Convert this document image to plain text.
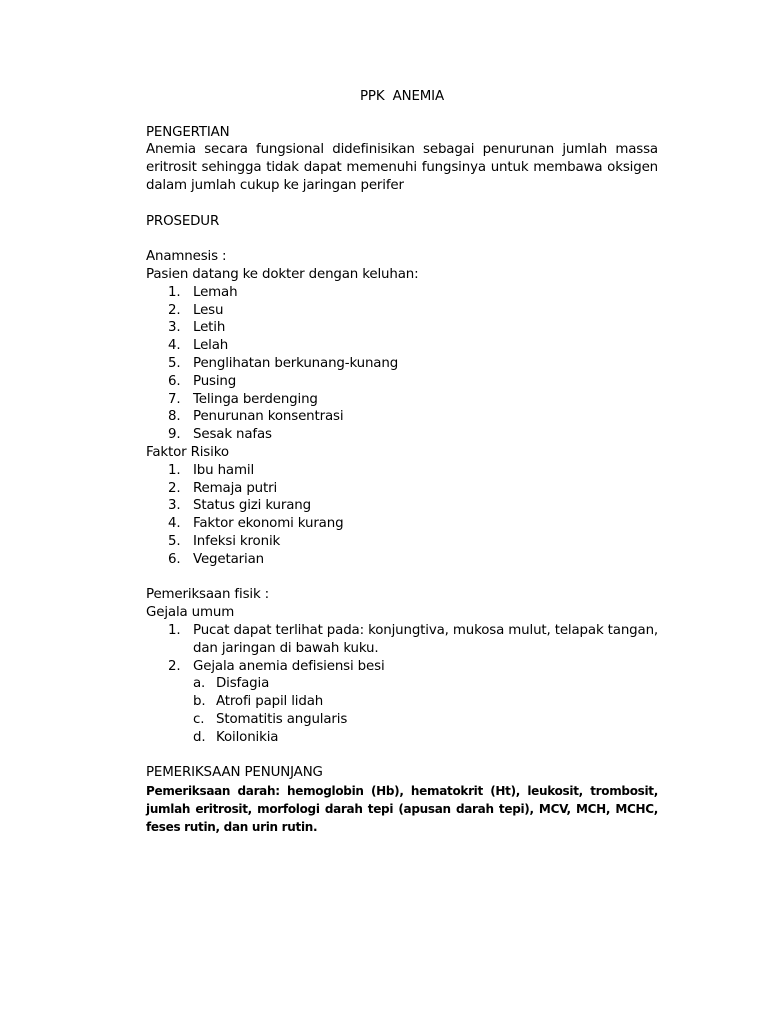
PPK ANEMIA

PENGERTIAN

Anemia secara fungsional didefinisikan sebagai penurunan jumlah massa eritrosit sehingga tidak dapat memenuhi fungsinya untuk membawa oksigen dalam jumlah cukup ke jaringan perifer

PROSEDUR

Anamnesis :

Pasien datang ke dokter dengan keluhan:

1. Lemah
2. Lesu
3. Letih
4. Lelah
5. Penglihatan berkunang-kunang
6. Pusing
7. Telinga berdenging
8. Penurunan konsentrasi
9. Sesak nafas

Faktor Risiko

1. Ibu hamil
2. Remaja putri
3. Status gizi kurang
4. Faktor ekonomi kurang
5. Infeksi kronik
6. Vegetarian

Pemeriksaan fisik :

Gejala umum

1. Pucat dapat terlihat pada: konjungtiva, mukosa mulut, telapak tangan, dan jaringan di bawah kuku.
2. Gejala anemia defisiensi besi
a. Disfagia
b. Atrofi papil lidah
c. Stomatitis angularis
d. Koilonikia

PEMERIKSAAN PENUNJANG

Pemeriksaan darah: hemoglobin (Hb), hematokrit (Ht), leukosit, trombosit, jumlah eritrosit, morfologi darah tepi (apusan darah tepi), MCV, MCH, MCHC, feses rutin, dan urin rutin.
